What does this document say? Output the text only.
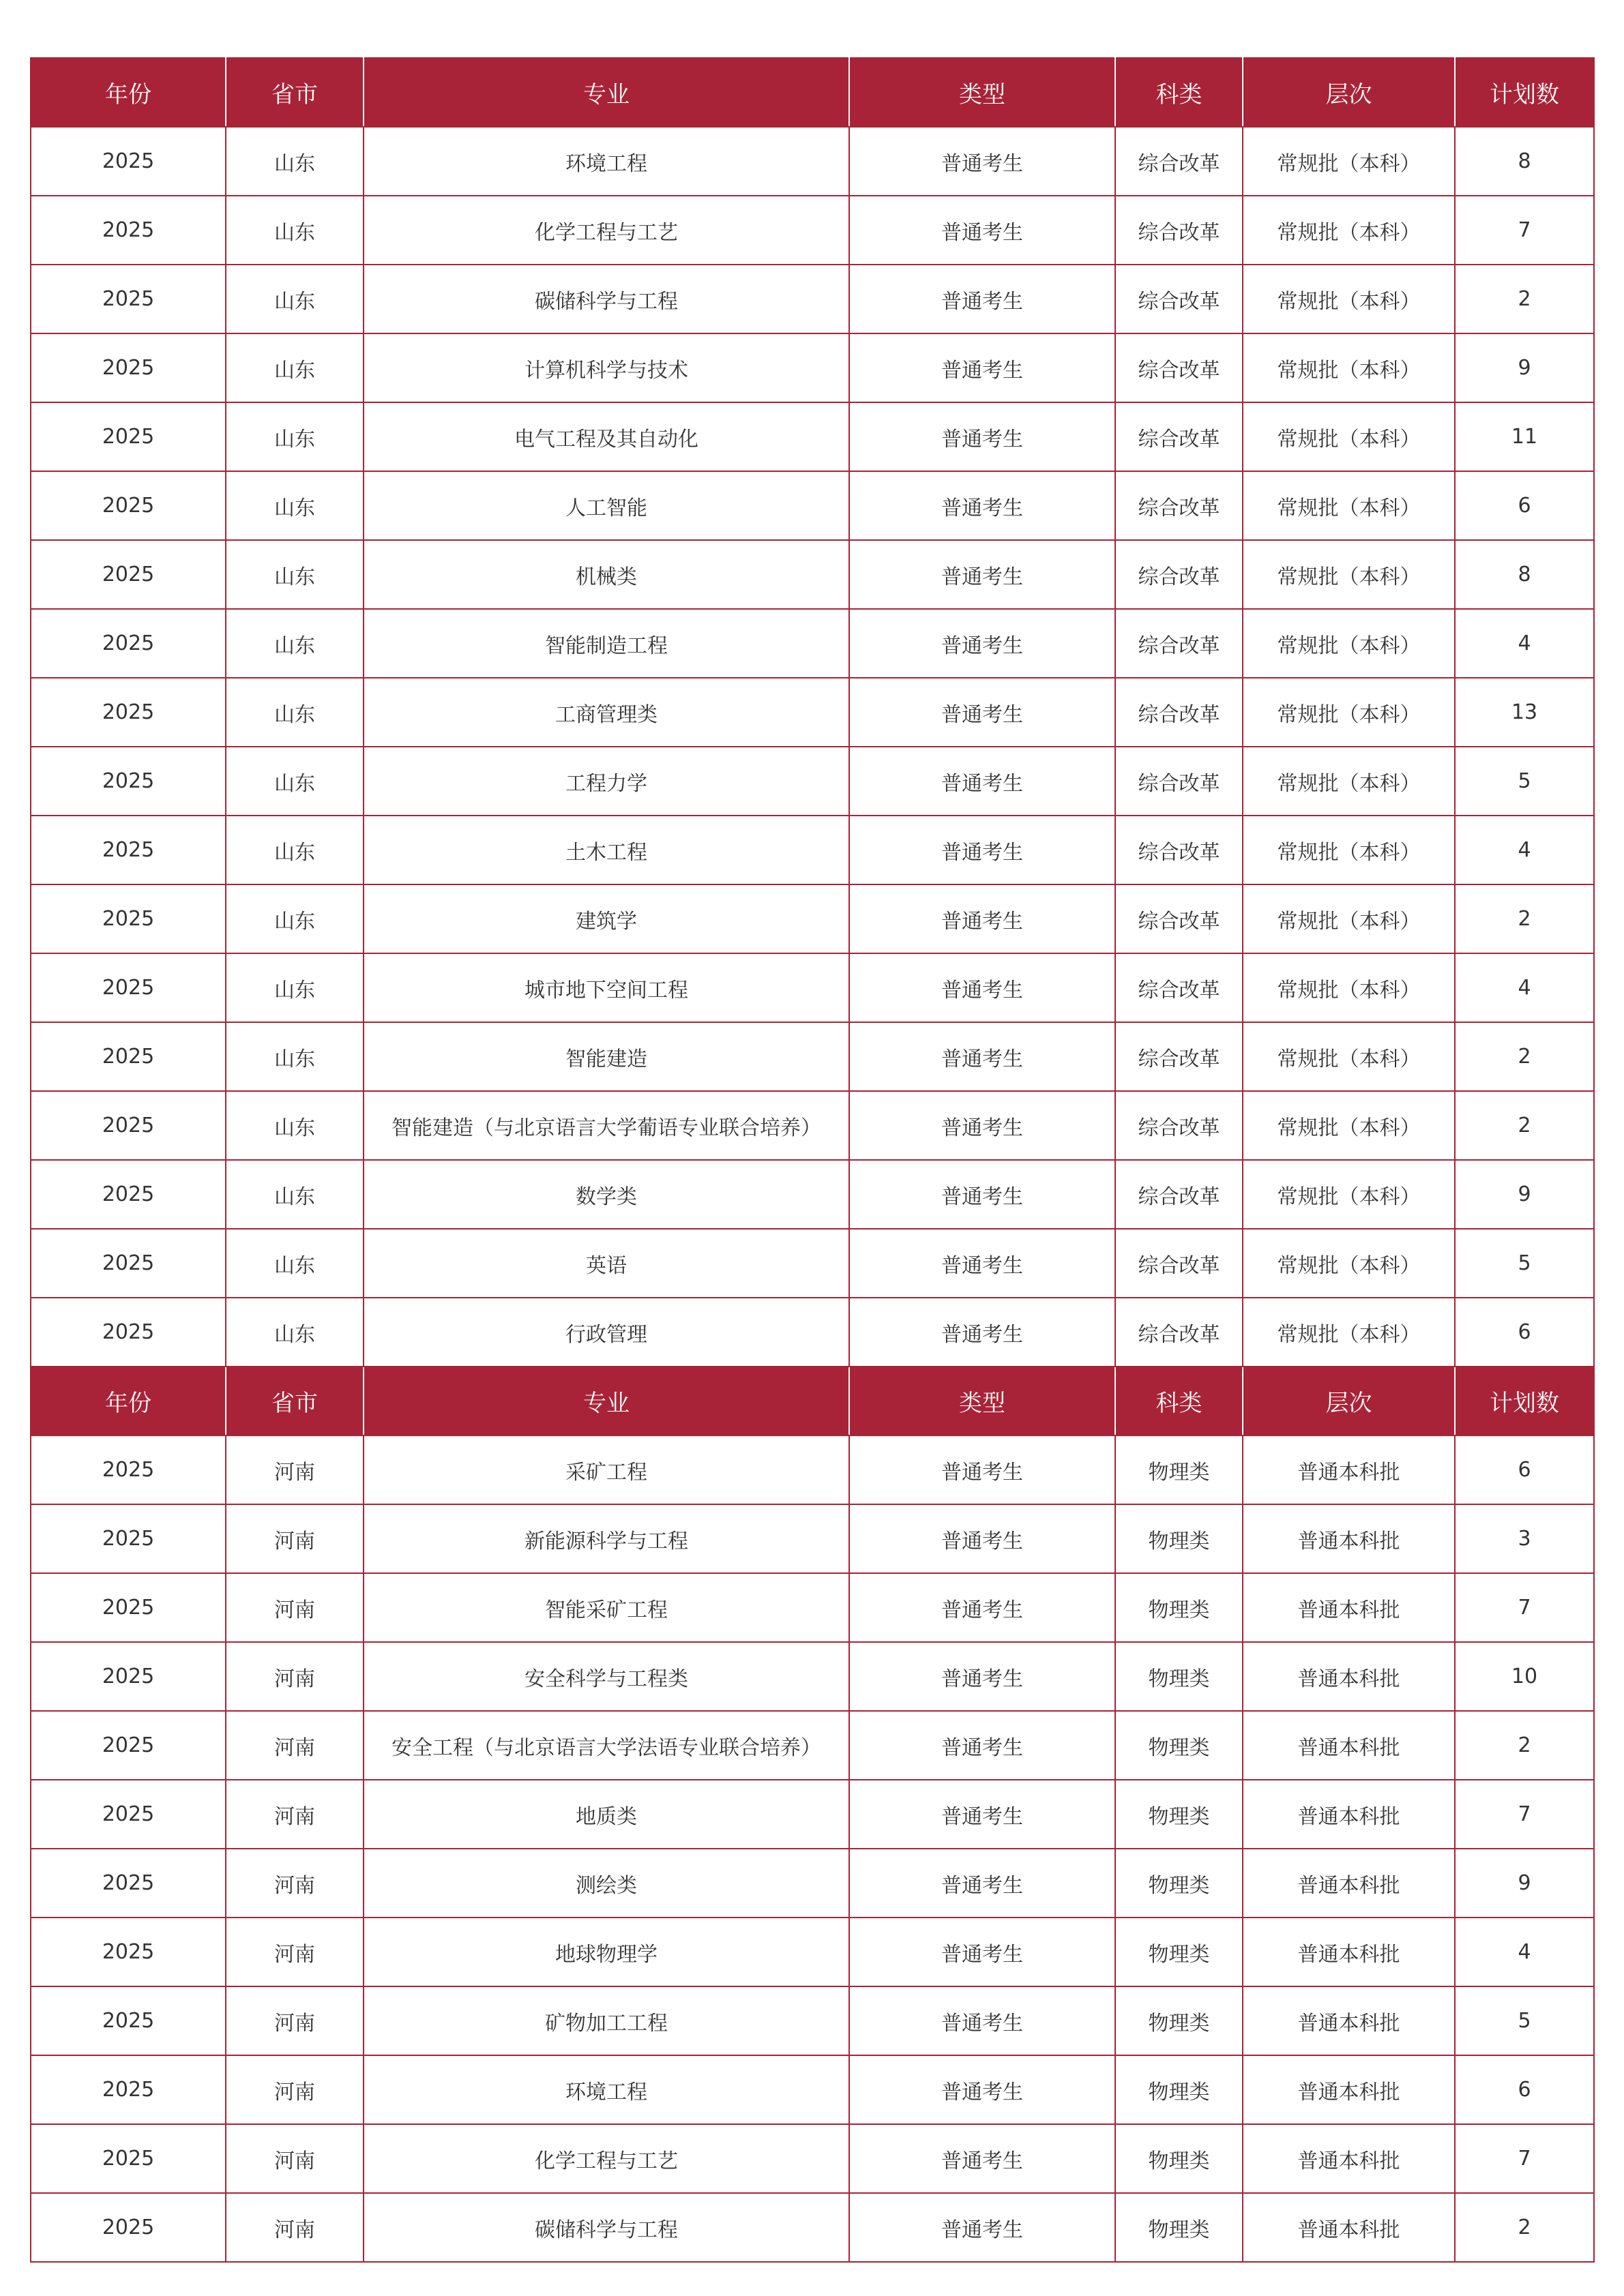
年份	省市	专业	类型	科类	层次	计划数
2025	山东	环境工程	普通考生	综合改革	常规批（本科）	8
2025	山东	化学工程与工艺	普通考生	综合改革	常规批（本科）	7
2025	山东	碳储科学与工程	普通考生	综合改革	常规批（本科）	2
2025	山东	计算机科学与技术	普通考生	综合改革	常规批（本科）	9
2025	山东	电气工程及其自动化	普通考生	综合改革	常规批（本科）	11
2025	山东	人工智能	普通考生	综合改革	常规批（本科）	6
2025	山东	机械类	普通考生	综合改革	常规批（本科）	8
2025	山东	智能制造工程	普通考生	综合改革	常规批（本科）	4
2025	山东	工商管理类	普通考生	综合改革	常规批（本科）	13
2025	山东	工程力学	普通考生	综合改革	常规批（本科）	5
2025	山东	土木工程	普通考生	综合改革	常规批（本科）	4
2025	山东	建筑学	普通考生	综合改革	常规批（本科）	2
2025	山东	城市地下空间工程	普通考生	综合改革	常规批（本科）	4
2025	山东	智能建造	普通考生	综合改革	常规批（本科）	2
2025	山东	智能建造（与北京语言大学葡语专业联合培养）	普通考生	综合改革	常规批（本科）	2
2025	山东	数学类	普通考生	综合改革	常规批（本科）	9
2025	山东	英语	普通考生	综合改革	常规批（本科）	5
2025	山东	行政管理	普通考生	综合改革	常规批（本科）	6
年份	省市	专业	类型	科类	层次	计划数
2025	河南	采矿工程	普通考生	物理类	普通本科批	6
2025	河南	新能源科学与工程	普通考生	物理类	普通本科批	3
2025	河南	智能采矿工程	普通考生	物理类	普通本科批	7
2025	河南	安全科学与工程类	普通考生	物理类	普通本科批	10
2025	河南	安全工程（与北京语言大学法语专业联合培养）	普通考生	物理类	普通本科批	2
2025	河南	地质类	普通考生	物理类	普通本科批	7
2025	河南	测绘类	普通考生	物理类	普通本科批	9
2025	河南	地球物理学	普通考生	物理类	普通本科批	4
2025	河南	矿物加工工程	普通考生	物理类	普通本科批	5
2025	河南	环境工程	普通考生	物理类	普通本科批	6
2025	河南	化学工程与工艺	普通考生	物理类	普通本科批	7
2025	河南	碳储科学与工程	普通考生	物理类	普通本科批	2
